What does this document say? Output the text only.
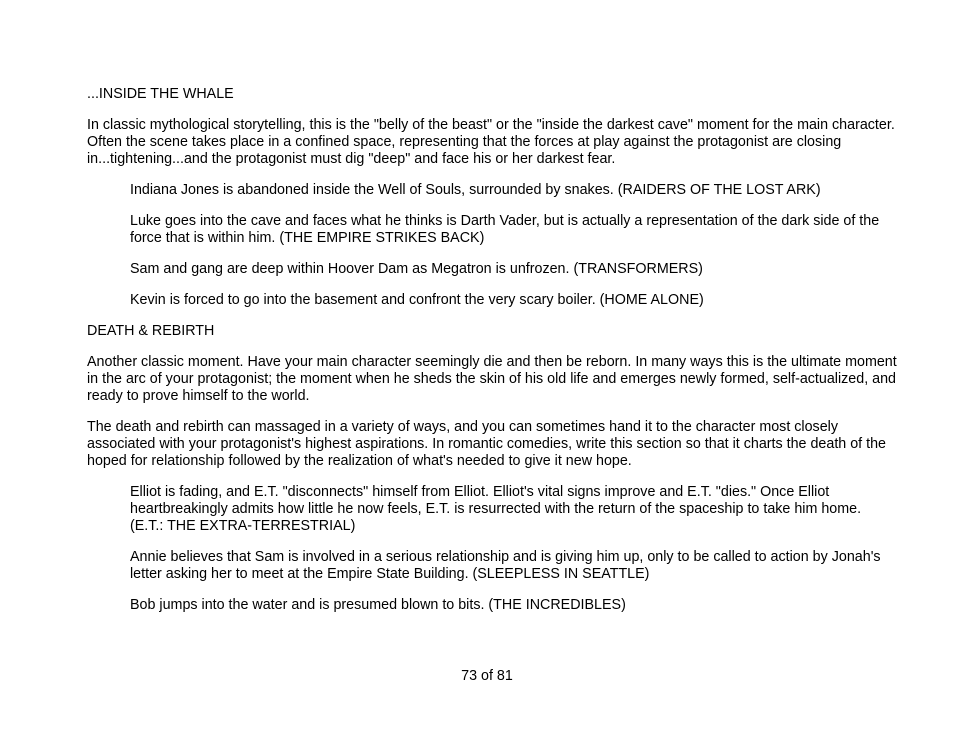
...INSIDE THE WHALE
In classic mythological storytelling, this is the "belly of the beast" or the "inside the darkest cave" moment for the main character. Often the scene takes place in a confined space, representing that the forces at play against the protagonist are closing in...tightening...and the protagonist must dig "deep" and face his or her darkest fear.
Indiana Jones is abandoned inside the Well of Souls, surrounded by snakes. (RAIDERS OF THE LOST ARK)
Luke goes into the cave and faces what he thinks is Darth Vader, but is actually a representation of the dark side of the force that is within him. (THE EMPIRE STRIKES BACK)
Sam and gang are deep within Hoover Dam as Megatron is unfrozen. (TRANSFORMERS)
Kevin is forced to go into the basement and confront the very scary boiler. (HOME ALONE)
DEATH & REBIRTH
Another classic moment. Have your main character seemingly die and then be reborn. In many ways this is the ultimate moment in the arc of your protagonist; the moment when he sheds the skin of his old life and emerges newly formed, self-actualized, and ready to prove himself to the world.
The death and rebirth can massaged in a variety of ways, and you can sometimes hand it to the character most closely associated with your protagonist's highest aspirations. In romantic comedies, write this section so that it charts the death of the hoped for relationship followed by the realization of what's needed to give it new hope.
Elliot is fading, and E.T. "disconnects" himself from Elliot. Elliot's vital signs improve and E.T. "dies." Once Elliot heartbreakingly admits how little he now feels, E.T. is resurrected with the return of the spaceship to take him home. (E.T.: THE EXTRA-TERRESTRIAL)
Annie believes that Sam is involved in a serious relationship and is giving him up, only to be called to action by Jonah's letter asking her to meet at the Empire State Building. (SLEEPLESS IN SEATTLE)
Bob jumps into the water and is presumed blown to bits. (THE INCREDIBLES)
73 of 81
